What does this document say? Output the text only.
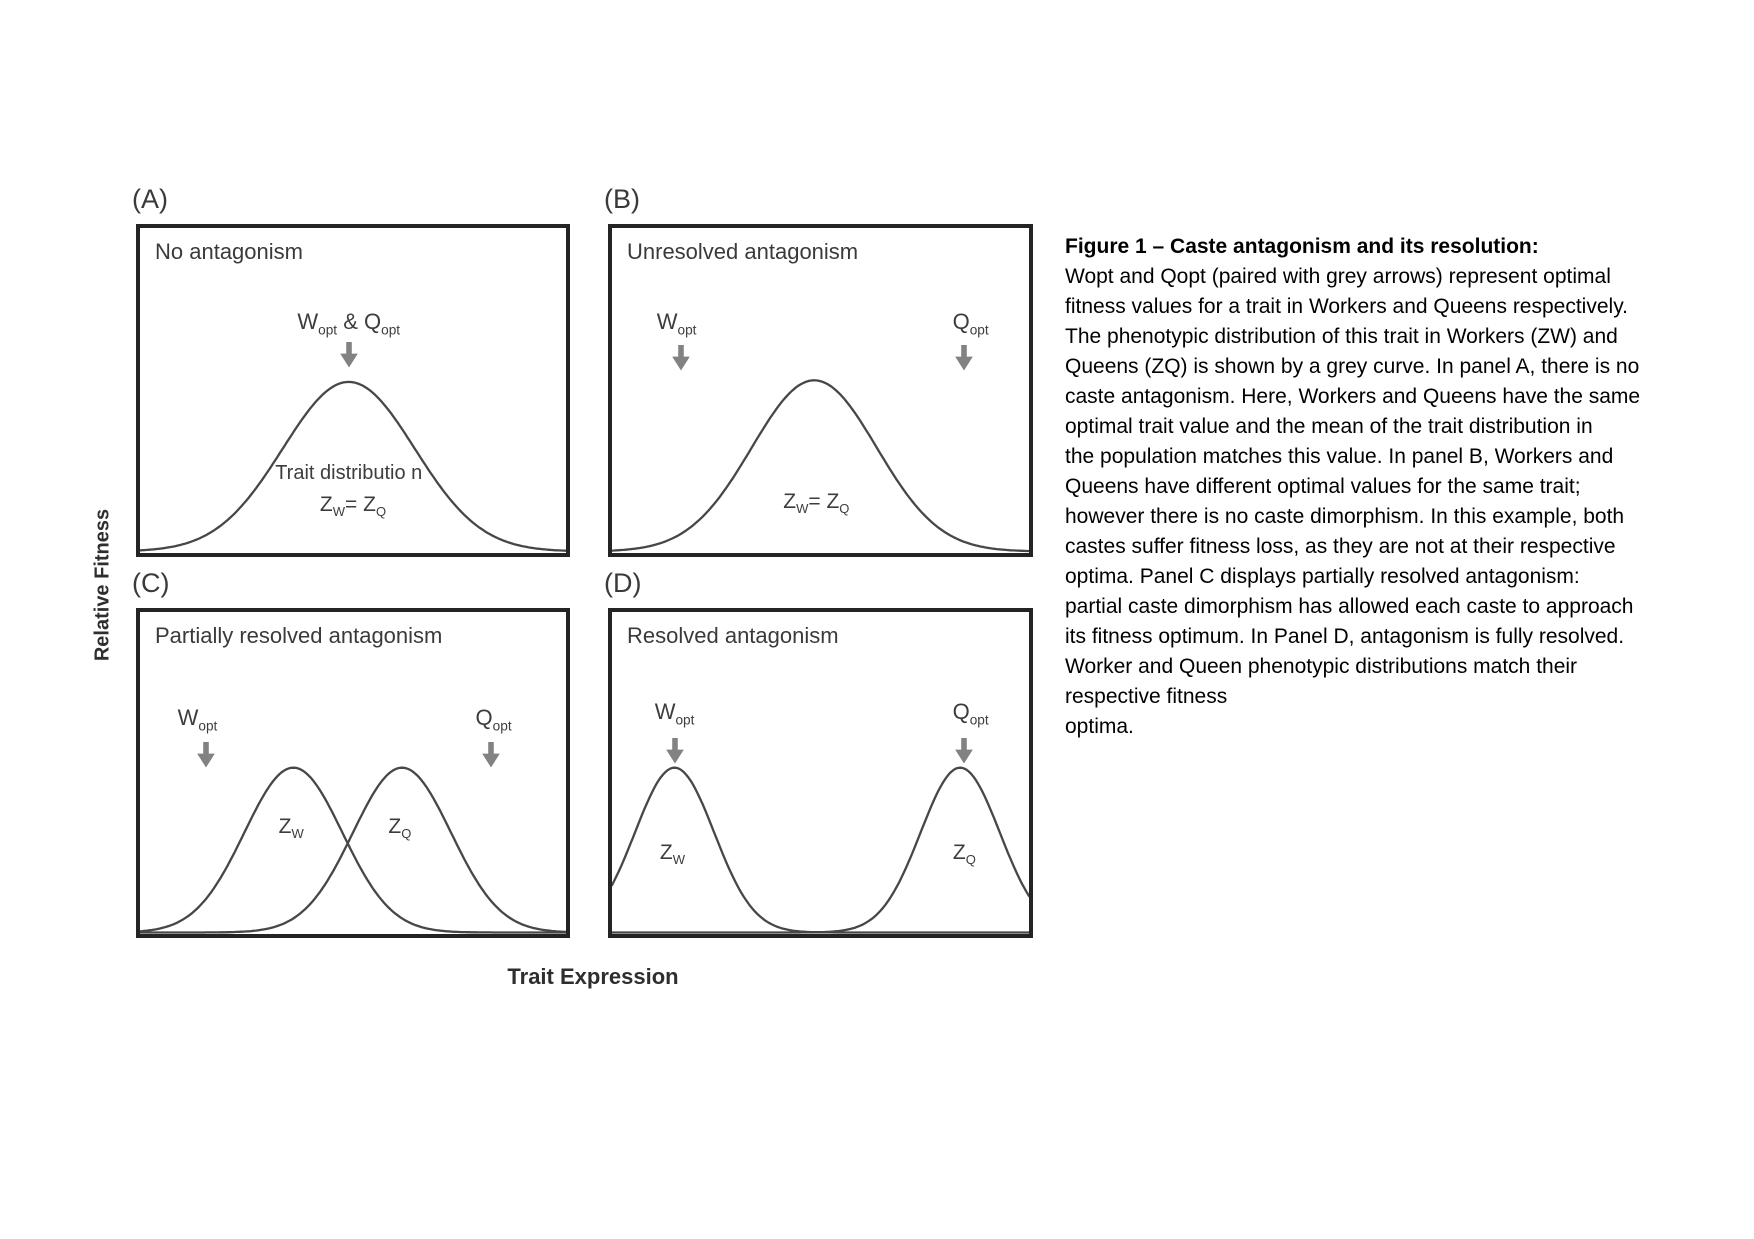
Relative Fitness
Trait Expression
(A)
No antagonism
$W_{opt}$ & $Q_{opt}$
Trait distributio n
$Z_W= Z_Q$
(B)
Unresolved antagonism
$W_{opt}$	$Q_{opt}$
$Z_W= Z_Q$
(C)
Partially resolved antagonism
$W_{opt}$	$Q_{opt}$
$Z_W$	$Z_Q$
(D)
Resolved antagonism
$W_{opt}$	$Q_{opt}$
$Z_W$	$Z_Q$
Figure 1 – Caste antagonism and its resolution:
Wopt and Qopt (paired with grey arrows) represent optimal
fitness values for a trait in Workers and Queens respectively.
The phenotypic distribution of this trait in Workers (ZW) and
Queens (ZQ) is shown by a grey curve. In panel A, there is no
caste antagonism. Here, Workers and Queens have the same
optimal trait value and the mean of the trait distribution in
the population matches this value. In panel B, Workers and
Queens have different optimal values for the same trait;
however there is no caste dimorphism. In this example, both
castes suffer fitness loss, as they are not at their respective
optima. Panel C displays partially resolved antagonism:
partial caste dimorphism has allowed each caste to approach
its fitness optimum. In Panel D, antagonism is fully resolved.
Worker and Queen phenotypic distributions match their
respective fitness
optima.
